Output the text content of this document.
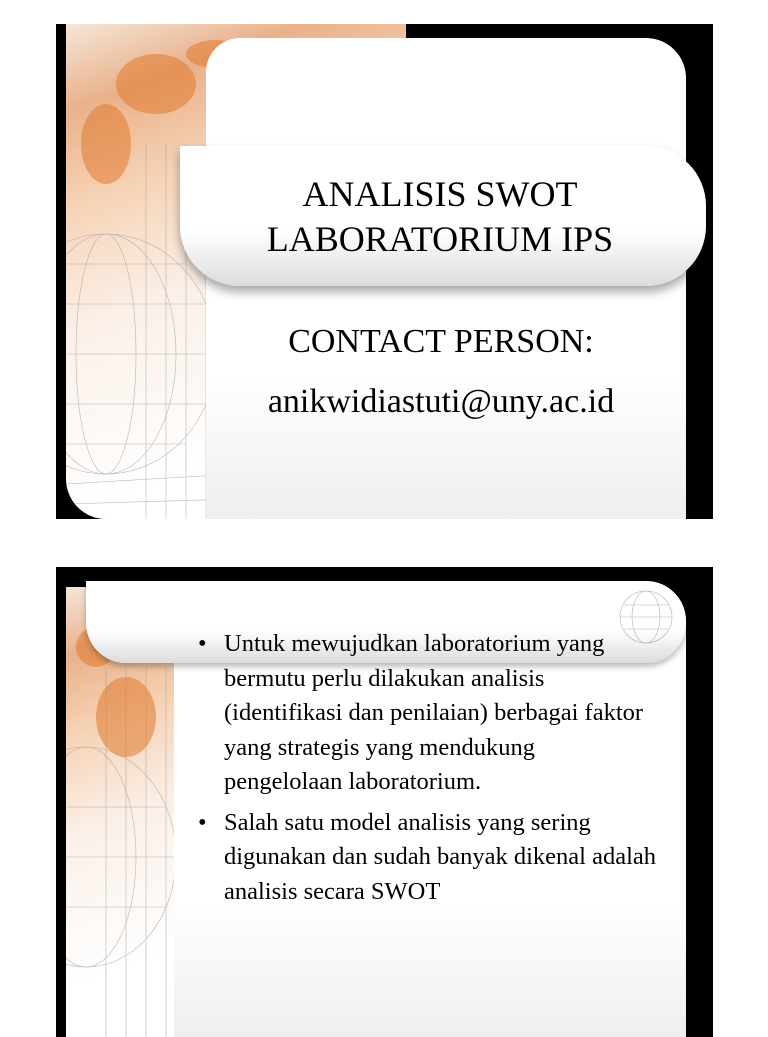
ANALISIS SWOT
LABORATORIUM IPS
CONTACT PERSON:
anikwidiastuti@uny.ac.id
• Untuk mewujudkan laboratorium yang bermutu perlu dilakukan analisis (identifikasi dan penilaian) berbagai faktor yang strategis yang mendukung pengelolaan laboratorium.
• Salah satu model analisis yang sering digunakan dan sudah banyak dikenal adalah analisis secara SWOT
